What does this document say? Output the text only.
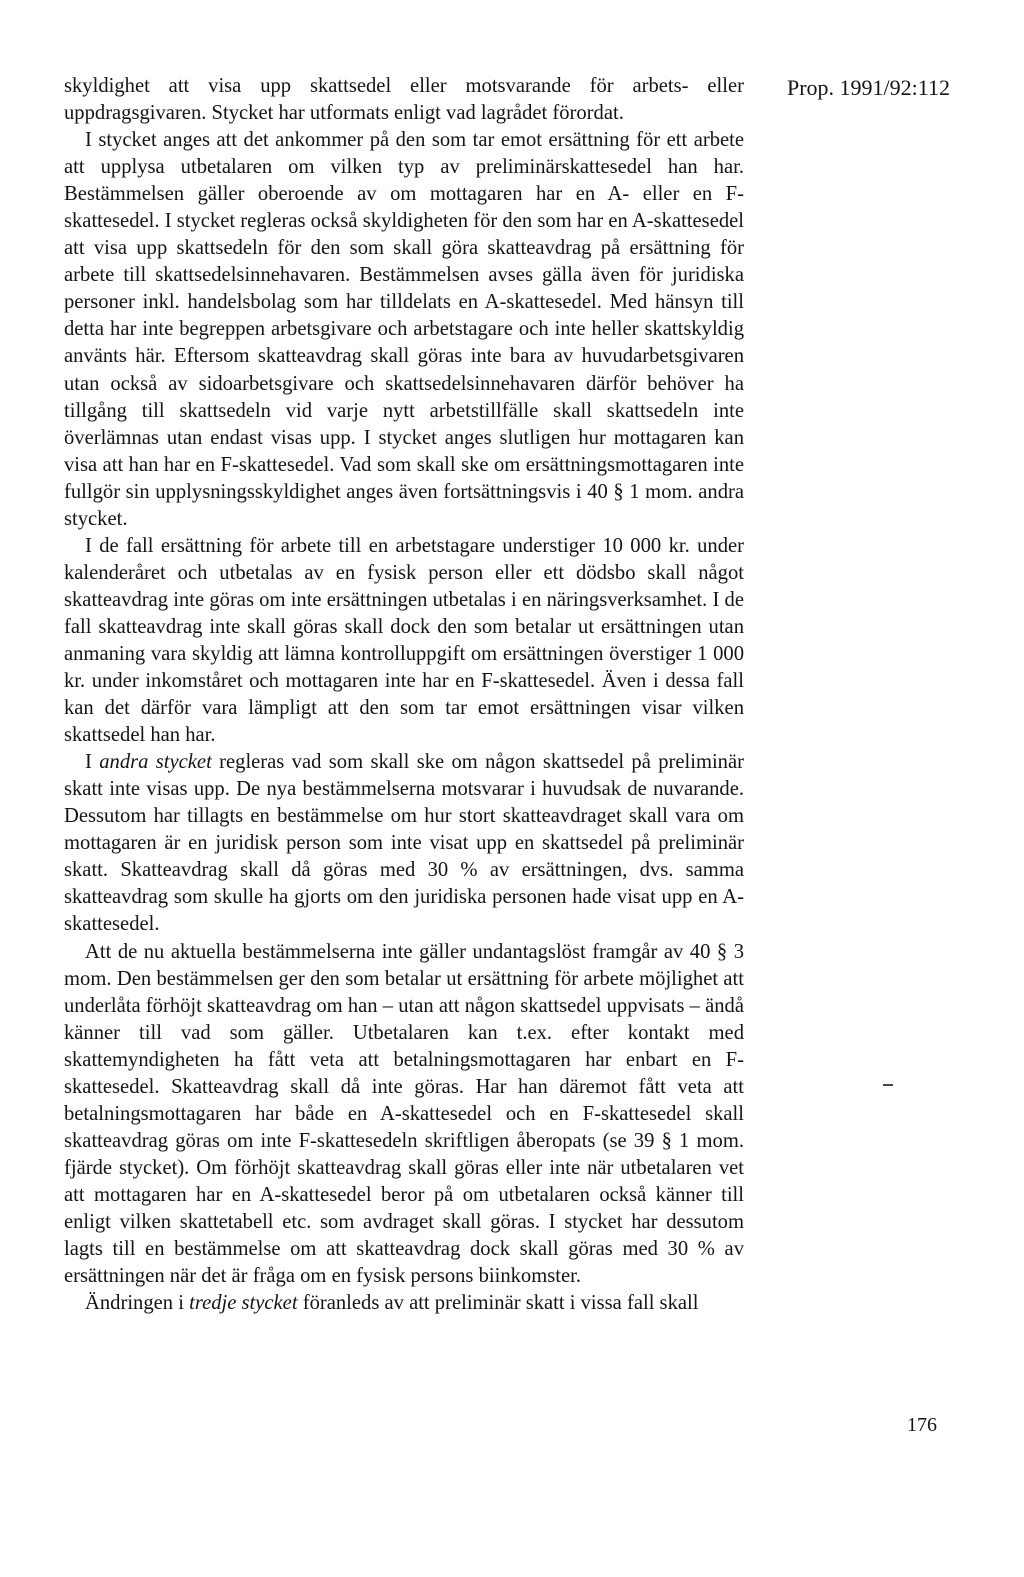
Prop. 1991/92:112

skyldighet att visa upp skattsedel eller motsvarande för arbets- eller uppdragsgivaren. Stycket har utformats enligt vad lagrådet förordat.

I stycket anges att det ankommer på den som tar emot ersättning för ett arbete att upplysa utbetalaren om vilken typ av preliminärskattesedel han har. Bestämmelsen gäller oberoende av om mottagaren har en A- eller en F-skattesedel. I stycket regleras också skyldigheten för den som har en A-skattesedel att visa upp skattsedeln för den som skall göra skatteavdrag på ersättning för arbete till skattsedelsinnehavaren. Bestämmelsen avses gälla även för juridiska personer inkl. handelsbolag som har tilldelats en A-skattesedel. Med hänsyn till detta har inte begreppen arbetsgivare och arbetstagare och inte heller skattskyldig använts här. Eftersom skatteavdrag skall göras inte bara av huvudarbetsgivaren utan också av sidoarbetsgivare och skattsedelsinnehavaren därför behöver ha tillgång till skattsedeln vid varje nytt arbetstillfälle skall skattsedeln inte överlämnas utan endast visas upp. I stycket anges slutligen hur mottagaren kan visa att han har en F-skattesedel. Vad som skall ske om ersättningsmottagaren inte fullgör sin upplysningsskyldighet anges även fortsättningsvis i 40 § 1 mom. andra stycket.

I de fall ersättning för arbete till en arbetstagare understiger 10 000 kr. under kalenderåret och utbetalas av en fysisk person eller ett dödsbo skall något skatteavdrag inte göras om inte ersättningen utbetalas i en näringsverksamhet. I de fall skatteavdrag inte skall göras skall dock den som betalar ut ersättningen utan anmaning vara skyldig att lämna kontrolluppgift om ersättningen överstiger 1 000 kr. under inkomståret och mottagaren inte har en F-skattesedel. Även i dessa fall kan det därför vara lämpligt att den som tar emot ersättningen visar vilken skattsedel han har.

I andra stycket regleras vad som skall ske om någon skattsedel på preliminär skatt inte visas upp. De nya bestämmelserna motsvarar i huvudsak de nuvarande. Dessutom har tillagts en bestämmelse om hur stort skatteavdraget skall vara om mottagaren är en juridisk person som inte visat upp en skattsedel på preliminär skatt. Skatteavdrag skall då göras med 30 % av ersättningen, dvs. samma skatteavdrag som skulle ha gjorts om den juridiska personen hade visat upp en A-skattesedel.

Att de nu aktuella bestämmelserna inte gäller undantagslöst framgår av 40 § 3 mom. Den bestämmelsen ger den som betalar ut ersättning för arbete möjlighet att underlåta förhöjt skatteavdrag om han – utan att någon skattsedel uppvisats – ändå känner till vad som gäller. Utbetalaren kan t.ex. efter kontakt med skattemyndigheten ha fått veta att betalningsmottagaren har enbart en F-skattesedel. Skatteavdrag skall då inte göras. Har han däremot fått veta att betalningsmottagaren har både en A-skattesedel och en F-skattesedel skall skatteavdrag göras om inte F-skattesedeln skriftligen åberopats (se 39 § 1 mom. fjärde stycket). Om förhöjt skatteavdrag skall göras eller inte när utbetalaren vet att mottagaren har en A-skattesedel beror på om utbetalaren också känner till enligt vilken skattetabell etc. som avdraget skall göras. I stycket har dessutom lagts till en bestämmelse om att skatteavdrag dock skall göras med 30 % av ersättningen när det är fråga om en fysisk persons biinkomster.

Ändringen i tredje stycket föranleds av att preliminär skatt i vissa fall skall

176
